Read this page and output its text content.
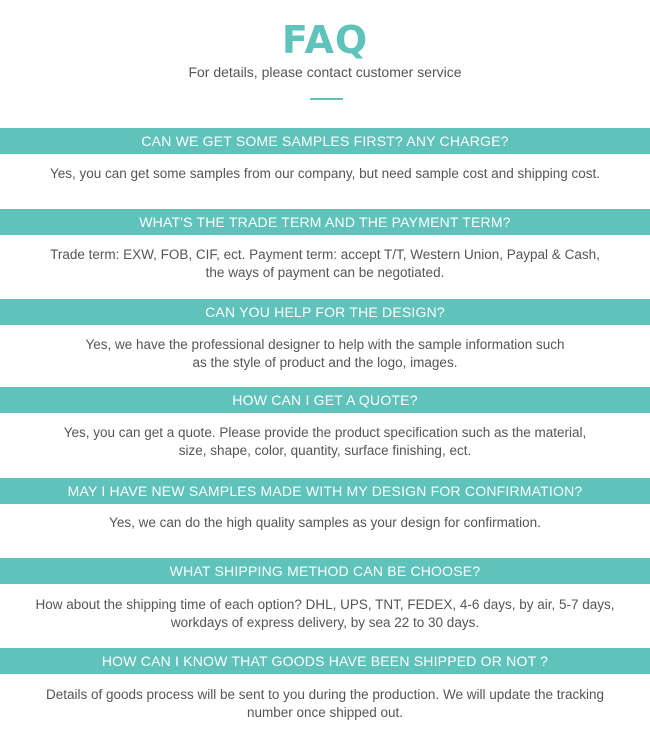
FAQ
For details, please contact customer service
CAN WE GET SOME SAMPLES FIRST? ANY CHARGE?
Yes, you can get some samples from our company, but need sample cost and shipping cost.
WHAT'S THE TRADE TERM AND THE PAYMENT TERM?
Trade term: EXW, FOB, CIF, ect. Payment term: accept T/T, Western Union, Paypal & Cash,
the ways of payment can be negotiated.
CAN YOU HELP FOR THE DESIGN?
Yes, we have the professional designer to help with the sample information such
as the style of product and the logo, images.
HOW CAN I GET A QUOTE?
Yes, you can get a quote. Please provide the product specification such as the material,
size, shape, color, quantity, surface finishing, ect.
MAY I HAVE NEW SAMPLES MADE WITH MY DESIGN FOR CONFIRMATION?
Yes, we can do the high quality samples as your design for confirmation.
WHAT SHIPPING METHOD CAN BE CHOOSE?
How about the shipping time of each option? DHL, UPS, TNT, FEDEX, 4-6 days, by air, 5-7 days,
workdays of express delivery, by sea 22 to 30 days.
HOW CAN I KNOW THAT GOODS HAVE BEEN SHIPPED OR NOT ?
Details of goods process will be sent to you during the production. We will update the tracking
number once shipped out.
